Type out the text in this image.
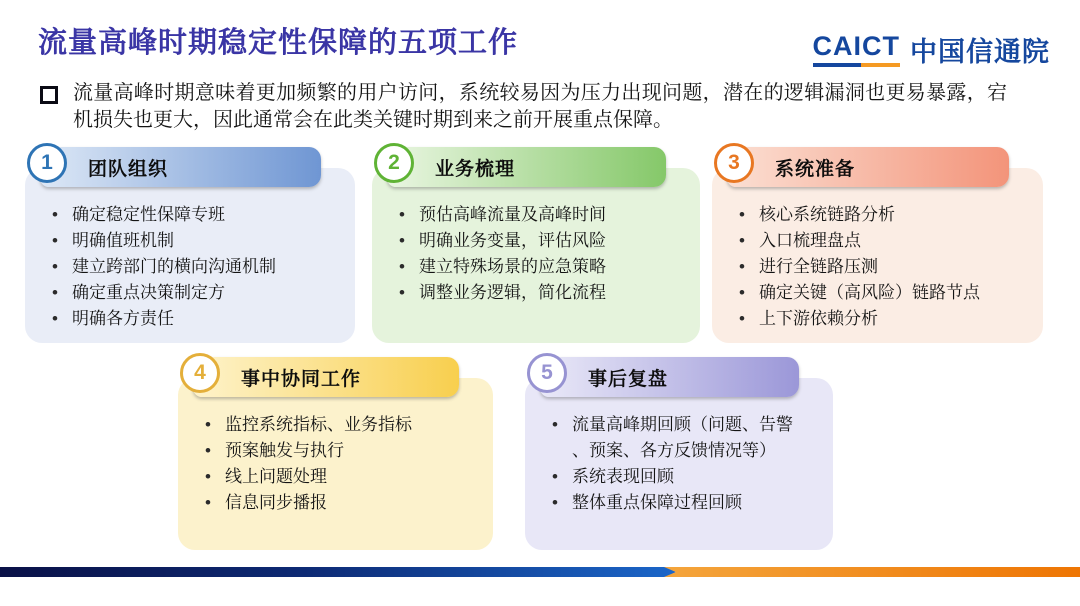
流量高峰时期稳定性保障的五项工作	CAICT 中国信通院
流量高峰时期意味着更加频繁的用户访问，系统较易因为压力出现问题，潜在的逻辑漏洞也更易暴露，宕机损失也更大，因此通常会在此类关键时期到来之前开展重点保障。
1	团队组织
• 确定稳定性保障专班
• 明确值班机制
• 建立跨部门的横向沟通机制
• 确定重点决策制定方
• 明确各方责任
2	业务梳理
• 预估高峰流量及高峰时间
• 明确业务变量，评估风险
• 建立特殊场景的应急策略
• 调整业务逻辑，简化流程
3	系统准备
• 核心系统链路分析
• 入口梳理盘点
• 进行全链路压测
• 确定关键（高风险）链路节点
• 上下游依赖分析
4	事中协同工作
• 监控系统指标、业务指标
• 预案触发与执行
• 线上问题处理
• 信息同步播报
5	事后复盘
• 流量高峰期回顾（问题、告警、预案、各方反馈情况等）
• 系统表现回顾
• 整体重点保障过程回顾
